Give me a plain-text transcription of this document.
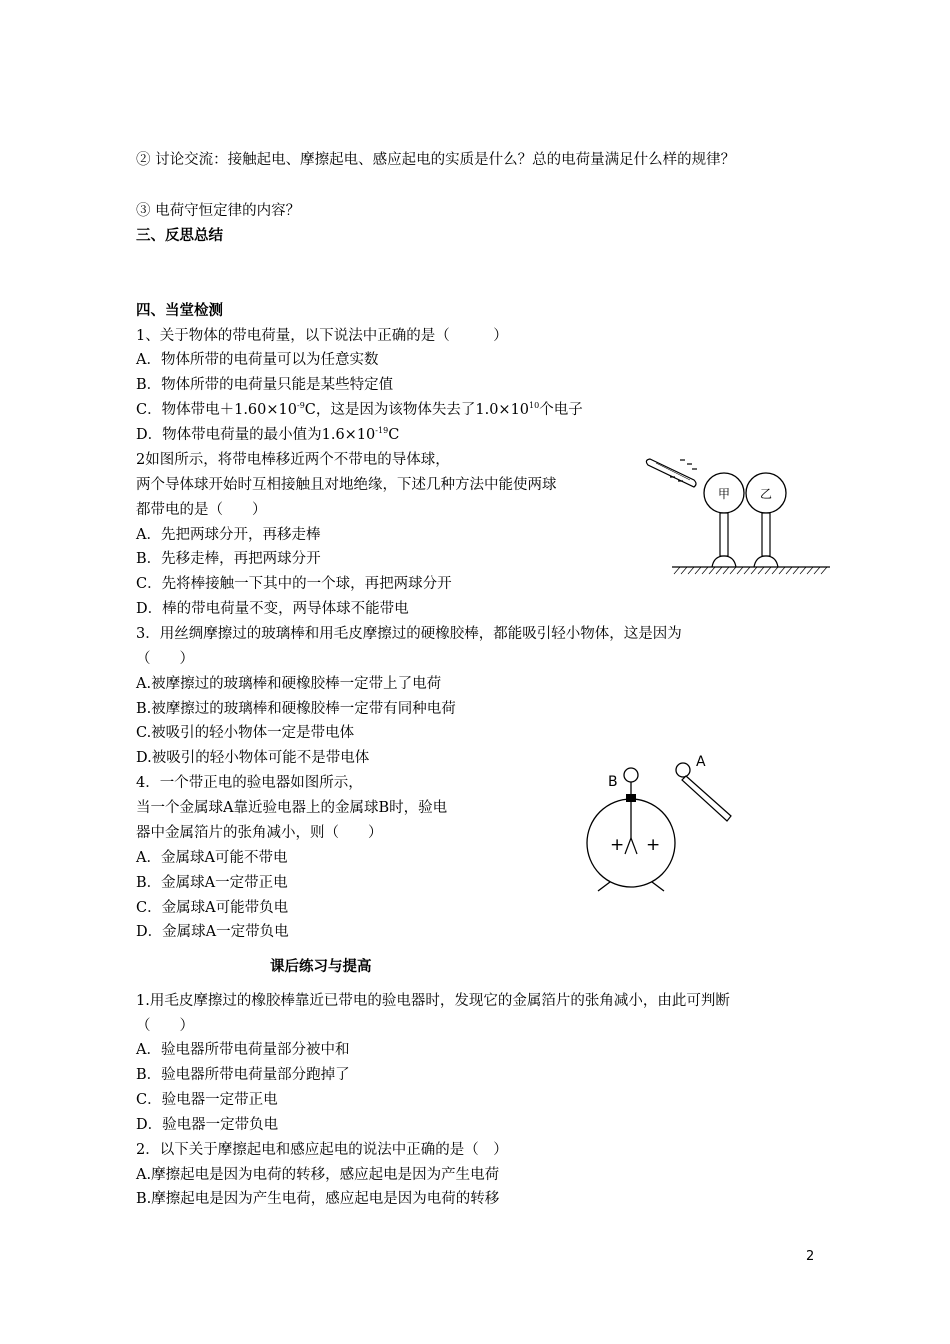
② 讨论交流：接触起电、摩擦起电、感应起电的实质是什么？总的电荷量满足什么样的规律？
③ 电荷守恒定律的内容？
三、反思总结
四、当堂检测
1、关于物体的带电荷量，以下说法中正确的是（　　　）
A．物体所带的电荷量可以为任意实数
B．物体所带的电荷量只能是某些特定值
C．物体带电$+1.60\times 10^{-9}C$，这是因为该物体失去了$1.0\times 10^{10}$个电子
D．物体带电荷量的最小值为$1.6\times 10^{-19}C$
2如图所示，将带电棒移近两个不带电的导体球，
两个导体球开始时互相接触且对地绝缘，下述几种方法中能使两球
都带电的是（　　）
A．先把两球分开，再移走棒
B．先移走棒，再把两球分开
C．先将棒接触一下其中的一个球，再把两球分开
D．棒的带电荷量不变，两导体球不能带电
甲 乙
3．用丝绸摩擦过的玻璃棒和用毛皮摩擦过的硬橡胶棒，都能吸引轻小物体，这是因为
（　　）
A.被摩擦过的玻璃棒和硬橡胶棒一定带上了电荷
B.被摩擦过的玻璃棒和硬橡胶棒一定带有同种电荷
C.被吸引的轻小物体一定是带电体
D.被吸引的轻小物体可能不是带电体
4．一个带正电的验电器如图所示，
当一个金属球A靠近验电器上的金属球B时，验电
器中金属箔片的张角减小，则（　　）
A．金属球A可能不带电
B．金属球A一定带正电
C．金属球A可能带负电
D．金属球A一定带负电
A
B
+ +
课后练习与提高
1.用毛皮摩擦过的橡胶棒靠近已带电的验电器时，发现它的金属箔片的张角减小，由此可判断
（　　）
A．验电器所带电荷量部分被中和
B．验电器所带电荷量部分跑掉了
C．验电器一定带正电
D．验电器一定带负电
2．以下关于摩擦起电和感应起电的说法中正确的是（　）
A.摩擦起电是因为电荷的转移，感应起电是因为产生电荷
B.摩擦起电是因为产生电荷，感应起电是因为电荷的转移
2
